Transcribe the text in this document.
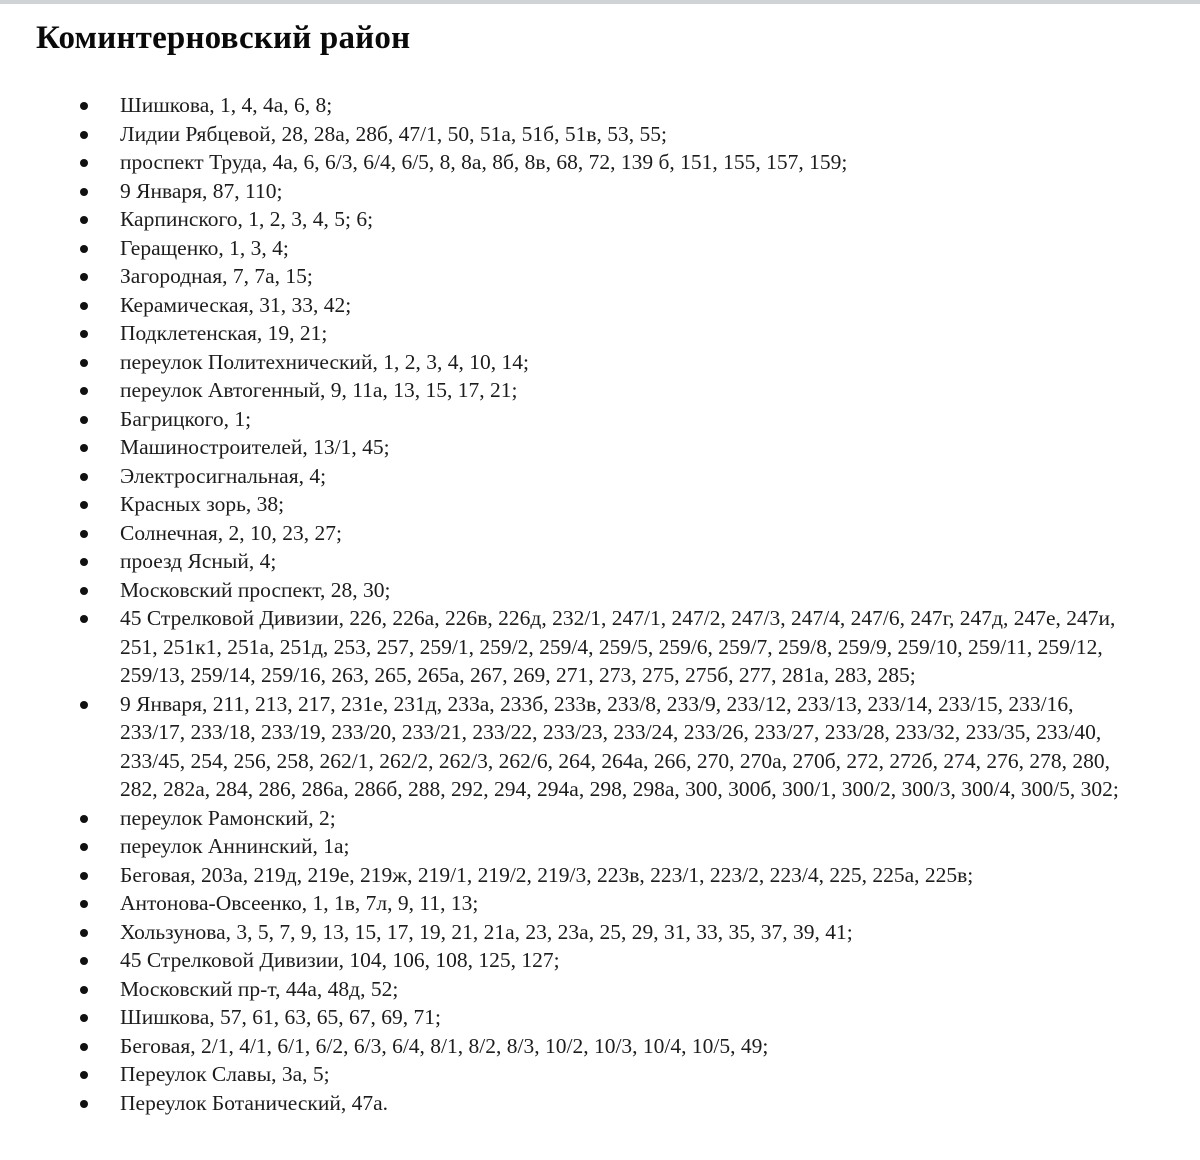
Коминтерновский район
Шишкова, 1, 4, 4а, 6, 8;
Лидии Рябцевой, 28, 28а, 28б, 47/1, 50, 51а, 51б, 51в, 53, 55;
проспект Труда, 4а, 6, 6/3, 6/4, 6/5, 8, 8а, 8б, 8в, 68, 72, 139 б, 151, 155, 157, 159;
9 Января, 87, 110;
Карпинского, 1, 2, 3, 4, 5; 6;
Геращенко, 1, 3, 4;
Загородная, 7, 7а, 15;
Керамическая, 31, 33, 42;
Подклетенская, 19, 21;
переулок Политехнический, 1, 2, 3, 4, 10, 14;
переулок Автогенный, 9, 11а, 13, 15, 17, 21;
Багрицкого, 1;
Машиностроителей, 13/1, 45;
Электросигнальная, 4;
Красных зорь, 38;
Солнечная, 2, 10, 23, 27;
проезд Ясный, 4;
Московский проспект, 28, 30;
45 Стрелковой Дивизии, 226, 226а, 226в, 226д, 232/1, 247/1, 247/2, 247/3, 247/4, 247/6, 247г, 247д, 247е, 247и, 251, 251к1, 251а, 251д, 253, 257, 259/1, 259/2, 259/4, 259/5, 259/6, 259/7, 259/8, 259/9, 259/10, 259/11, 259/12, 259/13, 259/14, 259/16, 263, 265, 265а, 267, 269, 271, 273, 275, 275б, 277, 281а, 283, 285;
9 Января, 211, 213, 217, 231е, 231д, 233а, 233б, 233в, 233/8, 233/9, 233/12, 233/13, 233/14, 233/15, 233/16, 233/17, 233/18, 233/19, 233/20, 233/21, 233/22, 233/23, 233/24, 233/26, 233/27, 233/28, 233/32, 233/35, 233/40, 233/45, 254, 256, 258, 262/1, 262/2, 262/3, 262/6, 264, 264а, 266, 270, 270а, 270б, 272, 272б, 274, 276, 278, 280, 282, 282а, 284, 286, 286а, 286б, 288, 292, 294, 294а, 298, 298а, 300, 300б, 300/1, 300/2, 300/3, 300/4, 300/5, 302;
переулок Рамонский, 2;
переулок Аннинский, 1а;
Беговая, 203а, 219д, 219е, 219ж, 219/1, 219/2, 219/3, 223в, 223/1, 223/2, 223/4, 225, 225а, 225в;
Антонова-Овсеенко, 1, 1в, 7л, 9, 11, 13;
Хользунова, 3, 5, 7, 9, 13, 15, 17, 19, 21, 21а, 23, 23а, 25, 29, 31, 33, 35, 37, 39, 41;
45 Стрелковой Дивизии, 104, 106, 108, 125, 127;
Московский пр-т, 44а, 48д, 52;
Шишкова, 57, 61, 63, 65, 67, 69, 71;
Беговая, 2/1, 4/1, 6/1, 6/2, 6/3, 6/4, 8/1, 8/2, 8/3, 10/2, 10/3, 10/4, 10/5, 49;
Переулок Славы, 3а, 5;
Переулок Ботанический, 47а.
